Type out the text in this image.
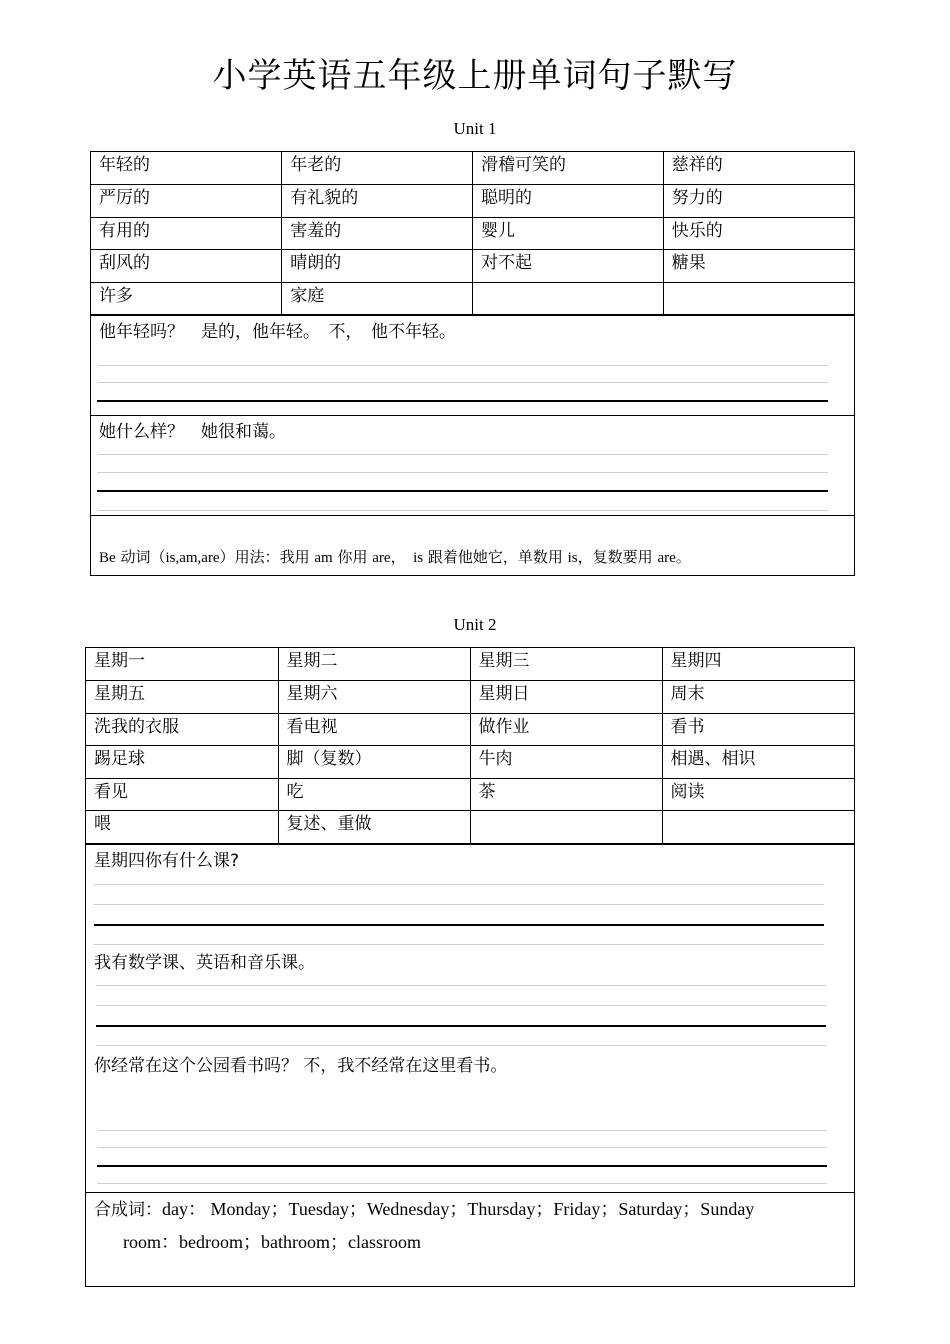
小学英语五年级上册单词句子默写
Unit 1
年轻的	年老的	滑稽可笑的	慈祥的
严厉的	有礼貌的	聪明的	努力的
有用的	害羞的	婴儿	快乐的
刮风的	晴朗的	对不起	糖果
许多	家庭		
他年轻吗？　是的，他年轻。　不，　他不年轻。
她什么样？　她很和蔼。
Be 动词（is,am,are）用法：我用 am 你用 are，　is 跟着他她它，单数用 is，复数要用 are。
Unit 2
星期一	星期二	星期三	星期四
星期五	星期六	星期日	周末
洗我的衣服	看电视	做作业	看书
踢足球	脚（复数）	牛肉	相遇、相识
看见	吃	茶	阅读
喂	复述、重做		
星期四你有什么课?
我有数学课、英语和音乐课。
你经常在这个公园看书吗？ 不，我不经常在这里看书。
合成词：day： Monday；Tuesday；Wednesday；Thursday；Friday；Saturday；Sunday
room：bedroom；bathroom；classroom
